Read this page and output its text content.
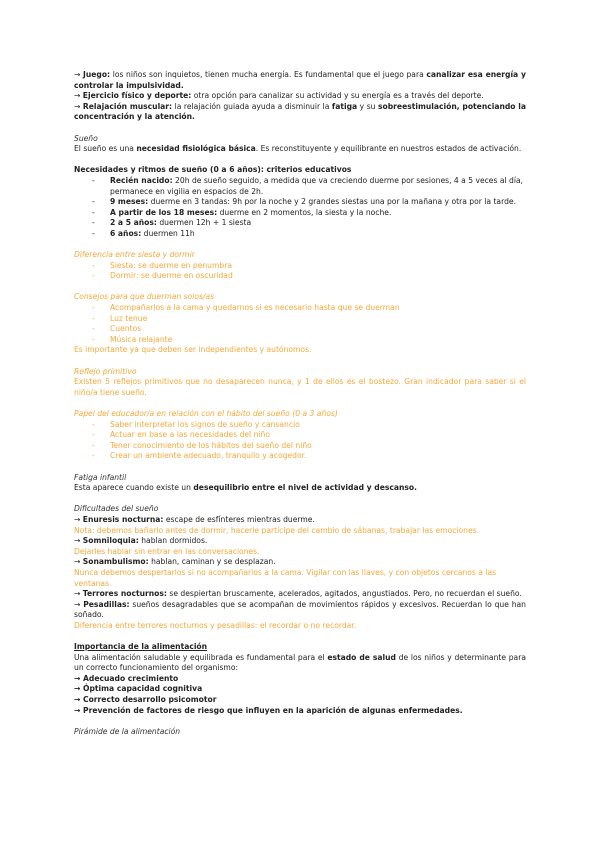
→ Juego: los niños son inquietos, tienen mucha energía. Es fundamental que el juego para canalizar esa energía y controlar la impulsividad.

→ Ejercicio físico y deporte: otra opción para canalizar su actividad y su energía es a través del deporte.

→ Relajación muscular: la relajación guiada ayuda a disminuir la fatiga y su sobreestimulación, potenciando la concentración y la atención.

Sueño

El sueño es una necesidad fisiológica básica. Es reconstituyente y equilibrante en nuestros estados de activación.

Necesidades y ritmos de sueño (0 a 6 años): criterios educativos

- Recién nacido: 20h de sueño seguido, a medida que va creciendo duerme por sesiones, 4 a 5 veces al día, permanece en vigilia en espacios de 2h.
- 9 meses: duerme en 3 tandas: 9h por la noche y 2 grandes siestas una por la mañana y otra por la tarde.
- A partir de los 18 meses: duerme en 2 momentos, la siesta y la noche.
- 2 a 5 años: duermen 12h + 1 siesta
- 6 años: duermen 11h

Diferencia entre siesta y dormir

- Siesta: se duerme en penumbra
- Dormir: se duerme en oscuridad

Consejos para que duerman solos/as

- Acompañarlos a la cama y quedarnos si es necesario hasta que se duerman
- Luz tenue
- Cuentos
- Música relajante

Es importante ya que deben ser independientes y autónomos.

Reflejo primitivo

Existen 5 reflejos primitivos que no desaparecen nunca, y 1 de ellos es el bostezo. Gran indicador para saber si el niño/a tiene sueño.

Papel del educador/a en relación con el hábito del sueño (0 a 3 años)

- Saber interpretar los signos de sueño y cansancio
- Actuar en base a las necesidades del niño
- Tener conocimiento de los hábitos del sueño del niño
- Crear un ambiente adecuado, tranquilo y acogedor.

Fatiga infantil

Esta aparece cuando existe un desequilibrio entre el nivel de actividad y descanso.

Dificultades del sueño

→ Enuresis nocturna: escape de esfínteres mientras duerme.

Nota: debemos bañarlo antes de dormir, hacerle partícipe del cambio de sábanas, trabajar las emociones.

→ Somniloquia: hablan dormidos.

Dejarles hablar sin entrar en las conversaciones.

→ Sonambulismo: hablan, caminan y se desplazan.

Nunca debemos despertarlos si no acompañarlos a la cama. Vigilar con las llaves, y con objetos cercanos a las ventanas.

→ Terrores nocturnos: se despiertan bruscamente, acelerados, agitados, angustiados. Pero, no recuerdan el sueño.

→ Pesadillas: sueños desagradables que se acompañan de movimientos rápidos y excesivos. Recuerdan lo que han soñado.

Diferencia entre terrores nocturnos y pesadillas: el recordar o no recordar.

Importancia de la alimentación

Una alimentación saludable y equilibrada es fundamental para el estado de salud de los niños y determinante para un correcto funcionamiento del organismo:

→ Adecuado crecimiento

→ Óptima capacidad cognitiva

→ Correcto desarrollo psicomotor

→ Prevención de factores de riesgo que influyen en la aparición de algunas enfermedades.

Pirámide de la alimentación
